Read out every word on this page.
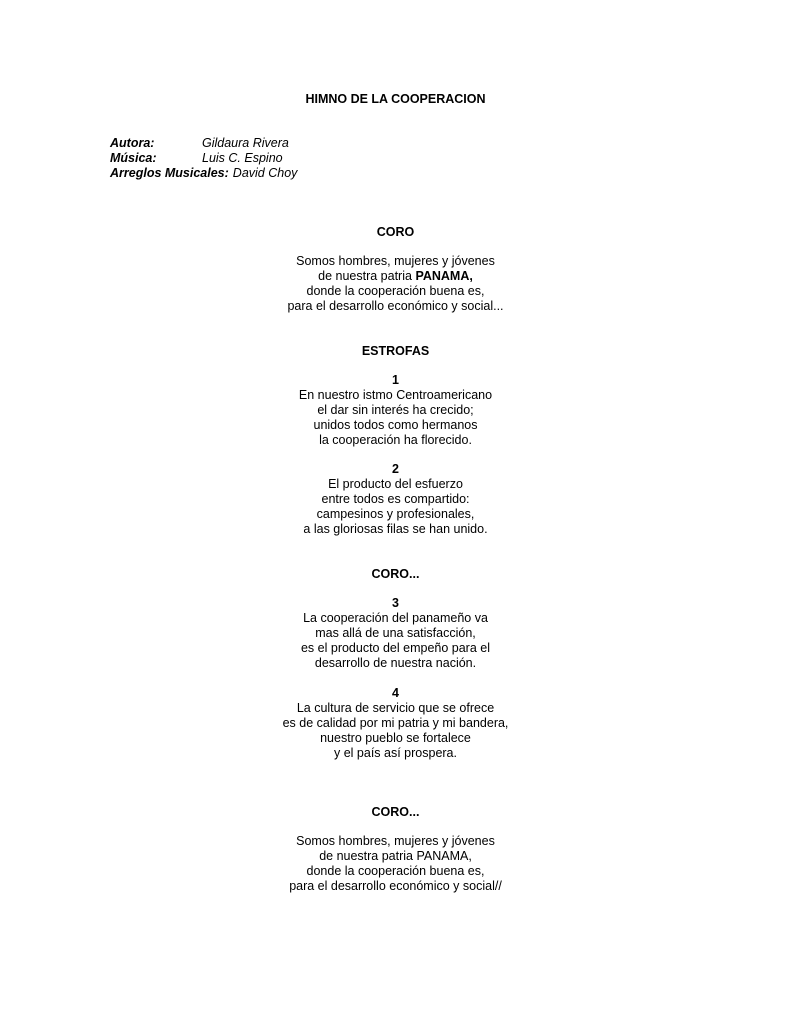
HIMNO DE LA COOPERACION
Autora:	Gildaura Rivera
Música:	Luis C. Espino
Arreglos Musicales: David Choy
CORO
Somos hombres, mujeres y jóvenes
de nuestra patria PANAMA,
donde la cooperación buena es,
para el desarrollo económico y social...
ESTROFAS
1
En nuestro istmo Centroamericano
el dar sin interés ha crecido;
unidos todos como hermanos
la cooperación ha florecido.
2
El producto del esfuerzo
entre todos es compartido:
campesinos y profesionales,
a las gloriosas filas se han unido.
CORO...
3
La cooperación del panameño va
mas allá de una satisfacción,
es el producto del empeño para el
desarrollo de nuestra nación.
4
La cultura de servicio que se ofrece
es de calidad por mi patria y mi bandera,
nuestro pueblo se fortalece
y el país así prospera.
CORO...
Somos hombres, mujeres y jóvenes
de nuestra patria PANAMA,
donde la cooperación buena es,
para el desarrollo económico y social//
